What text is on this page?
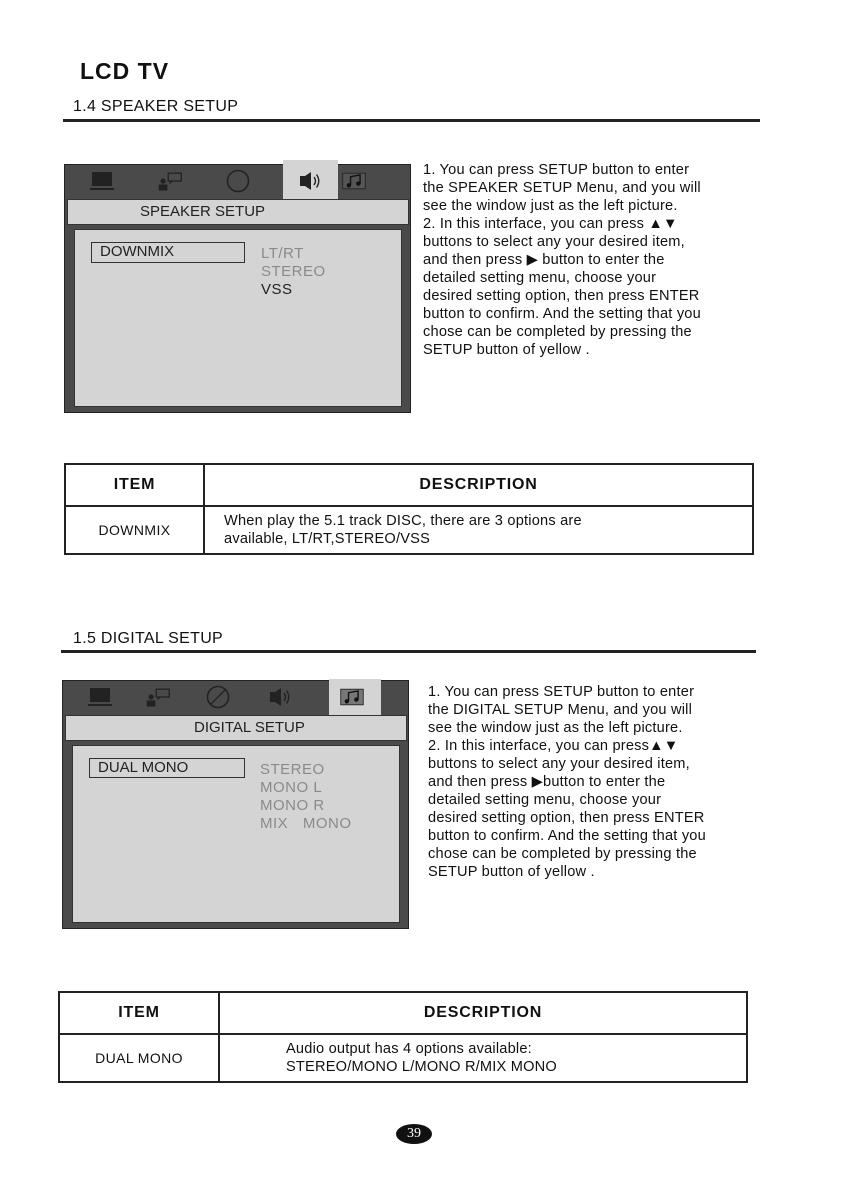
LCD TV
1.4 SPEAKER SETUP
SPEAKER SETUP
DOWNMIX	LT/RT
STEREO
VSS

1. You can press SETUP button to enter

the SPEAKER SETUP Menu, and you will

see the window just as the left picture.

2. In this interface, you can press ▲▼

buttons to select any your desired item,

and then press ▶ button to enter the

detailed setting menu, choose your

desired setting option, then press ENTER

button to confirm. And the setting that you

chose can be completed by pressing the

SETUP button of yellow .

ITEM	DESCRIPTION
DOWNMIX	When play the 5.1 track DISC, there are 3 options are
available, LT/RT,STEREO/VSS
1.5 DIGITAL SETUP
DIGITAL SETUP
DUAL MONO	STEREO
MONO L
MONO R
MIX MONO

1. You can press SETUP button to enter

the DIGITAL SETUP Menu, and you will

see the window just as the left picture.

2. In this interface, you can press▲▼

buttons to select any your desired item,

and then press ▶button to enter the

detailed setting menu, choose your

desired setting option, then press ENTER

button to confirm. And the setting that you

chose can be completed by pressing the

SETUP button of yellow .

ITEM	DESCRIPTION
DUAL MONO	Audio output has 4 options available:
STEREO/MONO L/MONO R/MIX MONO
39
